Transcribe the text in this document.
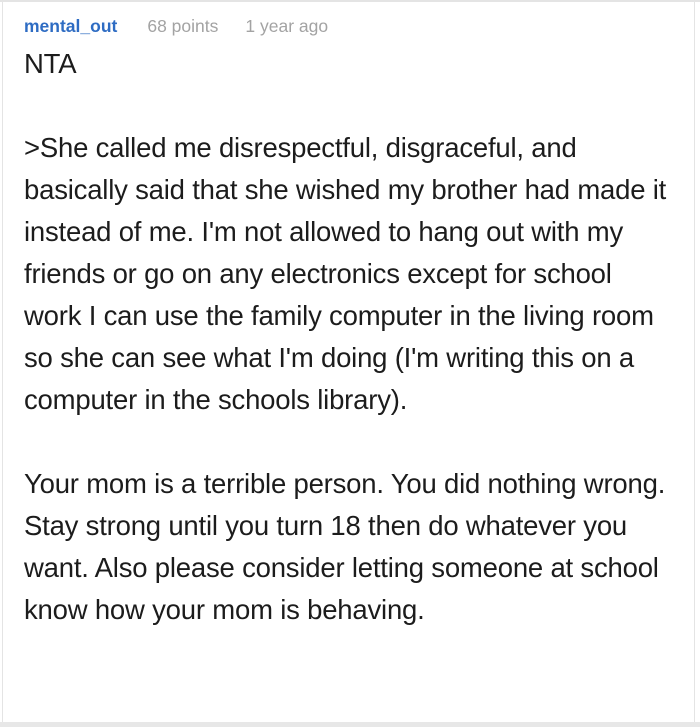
mental_out 68 points 1 year ago

NTA

>She called me disrespectful, disgraceful, and basically said that she wished my brother had made it instead of me. I'm not allowed to hang out with my friends or go on any electronics except for school work I can use the family computer in the living room so she can see what I'm doing (I'm writing this on a computer in the schools library).

Your mom is a terrible person. You did nothing wrong. Stay strong until you turn 18 then do whatever you want. Also please consider letting someone at school know how your mom is behaving.
